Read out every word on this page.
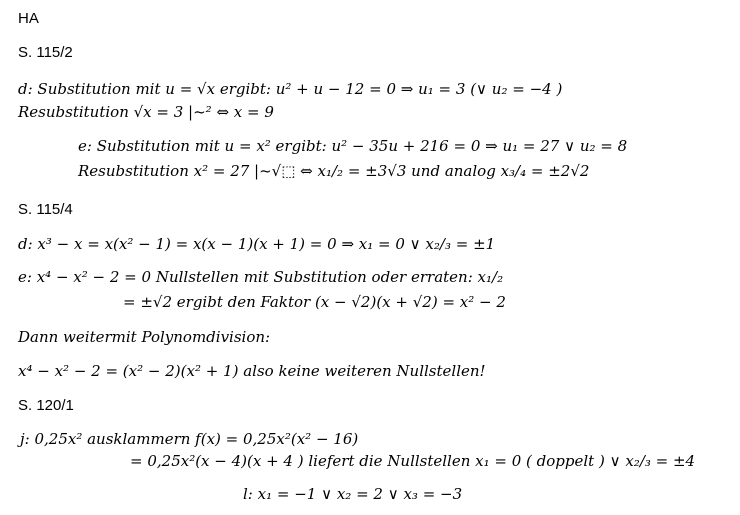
HA
S. 115/2
d: Substitution mit u = √x ergibt: u² + u − 12 = 0 ⇒ u₁ = 3 (∨ u₂ = −4 )
Resubstitution √x = 3 |~² ⇔ x = 9
e: Substitution mit u = x² ergibt: u² − 35u + 216 = 0 ⇒ u₁ = 27 ∨ u₂ = 8
Resubstitution x² = 27 |~√⬚ ⇔ x₁/₂ = ±3√3 und analog x₃/₄ = ±2√2
S. 115/4
d: x³ − x = x(x² − 1) = x(x − 1)(x + 1) = 0 ⇒ x₁ = 0 ∨ x₂/₃ = ±1
e: x⁴ − x² − 2 = 0 Nullstellen mit Substitution oder erraten: x₁/₂
= ±√2 ergibt den Faktor (x − √2)(x + √2) = x² − 2
Dann weitermit Polynomdivision:
x⁴ − x² − 2 = (x² − 2)(x² + 1) also keine weiteren Nullstellen!
S. 120/1
j: 0,25x² ausklammern f(x) = 0,25x²(x² − 16)
= 0,25x²(x − 4)(x + 4 ) liefert die Nullstellen x₁ = 0 ( doppelt ) ∨ x₂/₃ = ±4
l: x₁ = −1 ∨ x₂ = 2 ∨ x₃ = −3
